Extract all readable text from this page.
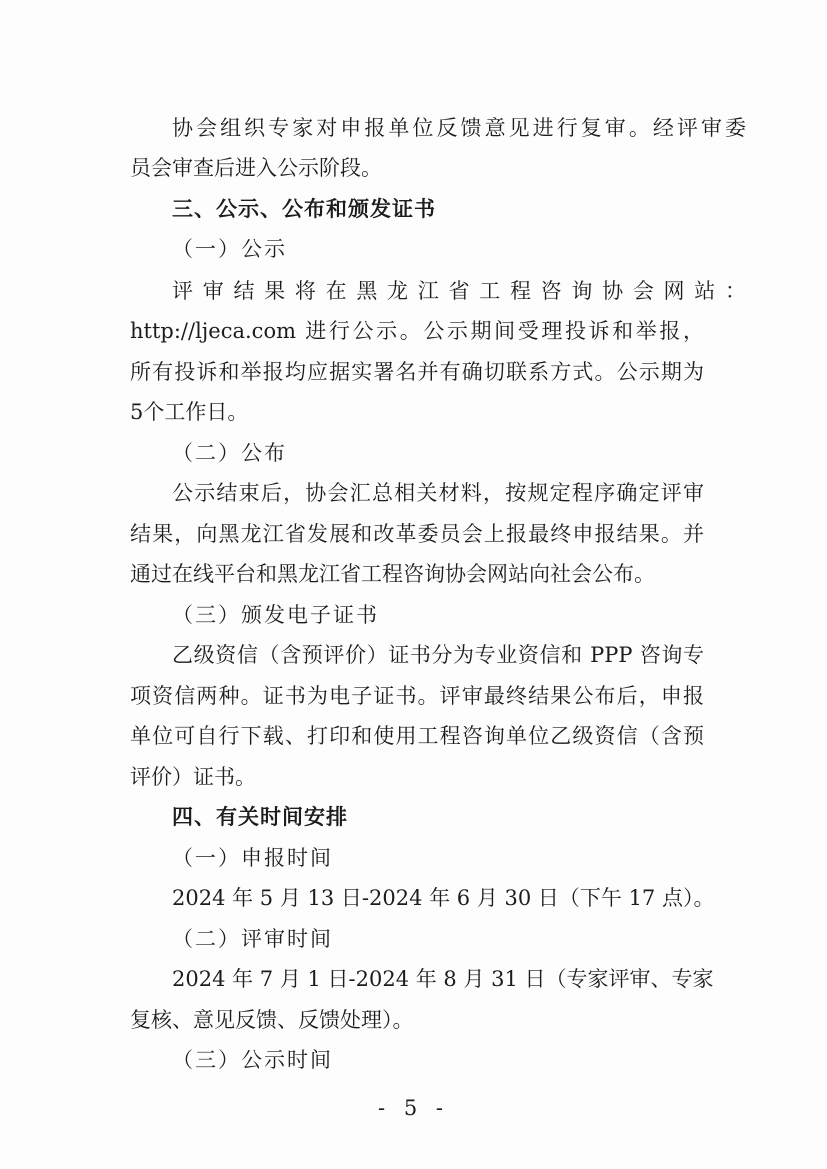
协会组织专家对申报单位反馈意见进行复审。经评审委
员会审查后进入公示阶段。
三、公示、公布和颁发证书
（一）公示
评审结果将在黑龙江省工程咨询协会网站：
http://ljeca.com 进行公示。公示期间受理投诉和举报，
所有投诉和举报均应据实署名并有确切联系方式。公示期为
5个工作日。
（二）公布
公示结束后，协会汇总相关材料，按规定程序确定评审
结果，向黑龙江省发展和改革委员会上报最终申报结果。并
通过在线平台和黑龙江省工程咨询协会网站向社会公布。
（三）颁发电子证书
乙级资信（含预评价）证书分为专业资信和 PPP 咨询专
项资信两种。证书为电子证书。评审最终结果公布后，申报
单位可自行下载、打印和使用工程咨询单位乙级资信（含预
评价）证书。
四、有关时间安排
（一）申报时间
2024 年 5 月 13 日-2024 年 6 月 30 日（下午 17 点）。
（二）评审时间
2024 年 7 月 1 日-2024 年 8 月 31 日（专家评审、专家
复核、意见反馈、反馈处理）。
（三）公示时间
- 5 -
